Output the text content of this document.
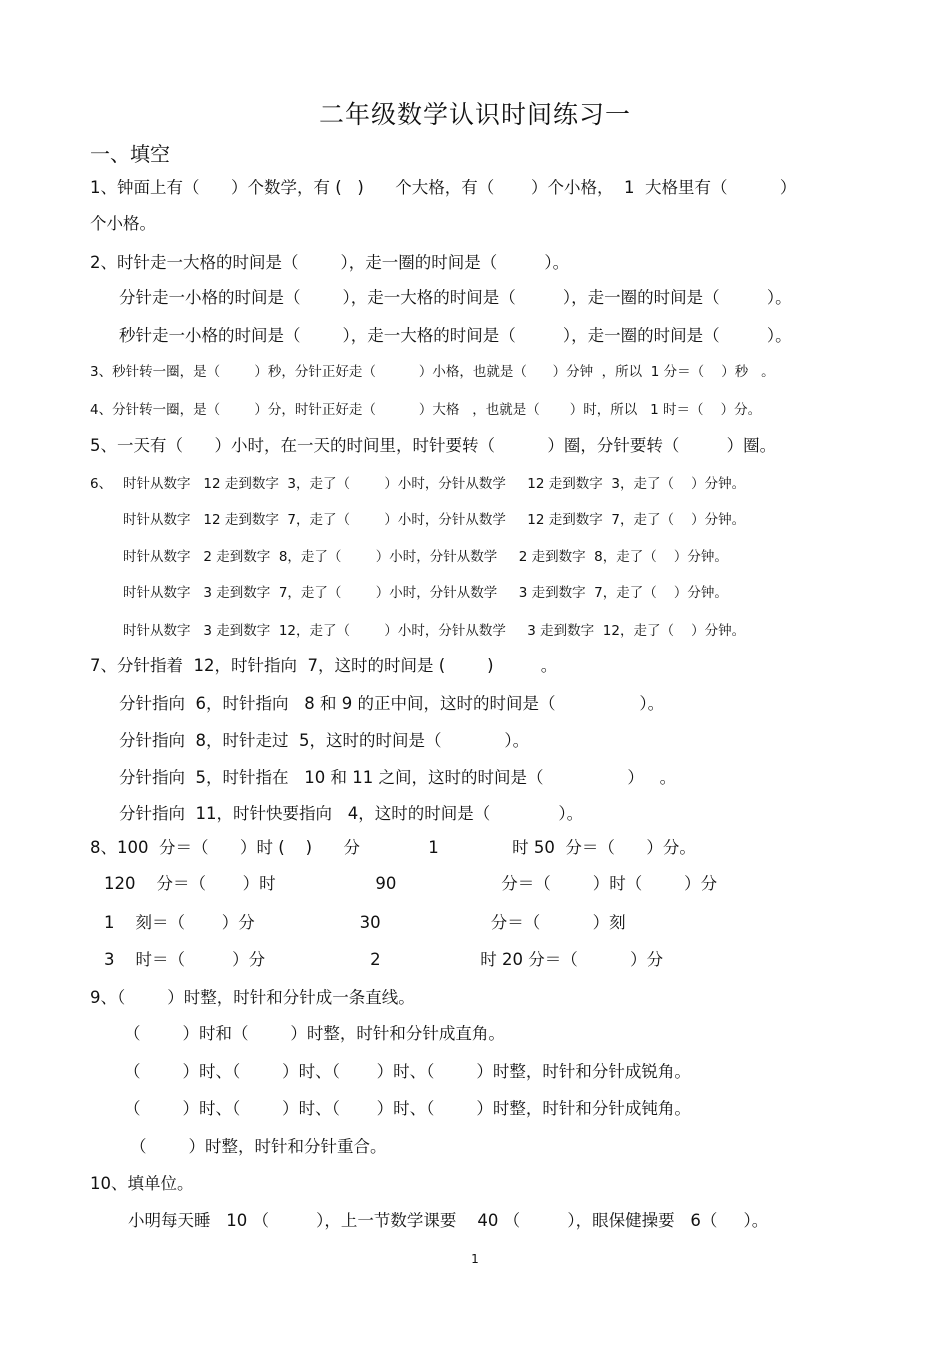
二年级数学认识时间练习一
一、填空
1、钟面上有（      ）个数学，有 (   )      个大格，有（       ）个小格，  1  大格里有（          ）
个小格。
2、时针走一大格的时间是（        ），走一圈的时间是（         ）。
分针走一小格的时间是（        ），走一大格的时间是（         ），走一圈的时间是（         ）。
秒针走一小格的时间是（        ），走一大格的时间是（         ），走一圈的时间是（         ）。
3、秒针转一圈，是（        ）秒，分针正好走（          ）小格，也就是（      ）分钟  ，所以  1 分＝（    ）秒   。
4、分针转一圈，是（        ）分，时针正好走（          ）大格   ，也就是（       ）时，所以   1 时＝（    ）分。
5、一天有（      ）小时，在一天的时间里，时针要转（          ）圈，分针要转（         ）圈。
6、 时针从数字   12 走到数字  3，走了（        ）小时，分针从数学     12 走到数字  3，走了（    ）分钟。
时针从数字   12 走到数字  7，走了（        ）小时，分针从数学     12 走到数字  7，走了（    ）分钟。
时针从数字   2 走到数字  8，走了（        ）小时，分针从数学     2 走到数字  8，走了（    ）分钟。
时针从数字   3 走到数字  7，走了（        ）小时，分针从数学     3 走到数字  7，走了（    ）分钟。
时针从数字   3 走到数字  12，走了（        ）小时，分针从数学     3 走到数字  12，走了（    ）分钟。
7、分针指着  12，时针指向  7，这时的时间是 (        )         。
分针指向  6，时针指向   8 和 9 的正中间，这时的时间是（                ）。
分针指向  8，时针走过  5，这时的时间是（            ）。
分针指向  5，时针指在   10 和 11 之间，这时的时间是（                ）   。
分针指向  11，时针快要指向   4，这时的时间是（             ）。
8、100  分＝（      ）时 (    )      分             1              时 50  分＝（      ）分。
120    分＝（       ）时                   90                    分＝（        ）时（        ）分
1    刻＝（       ）分                    30                     分＝（          ）刻
3    时＝（         ）分                    2                   时 20 分＝（          ）分
9、（        ）时整，时针和分针成一条直线。
（        ）时和（        ）时整，时针和分针成直角。
（        ）时、（        ）时、（       ）时、（        ）时整，时针和分针成锐角。
（        ）时、（        ）时、（       ）时、（        ）时整，时针和分针成钝角。
（        ）时整，时针和分针重合。
10、填单位。
小明每天睡   10 （         ），上一节数学课要    40 （         ），眼保健操要   6（     ）。
1
